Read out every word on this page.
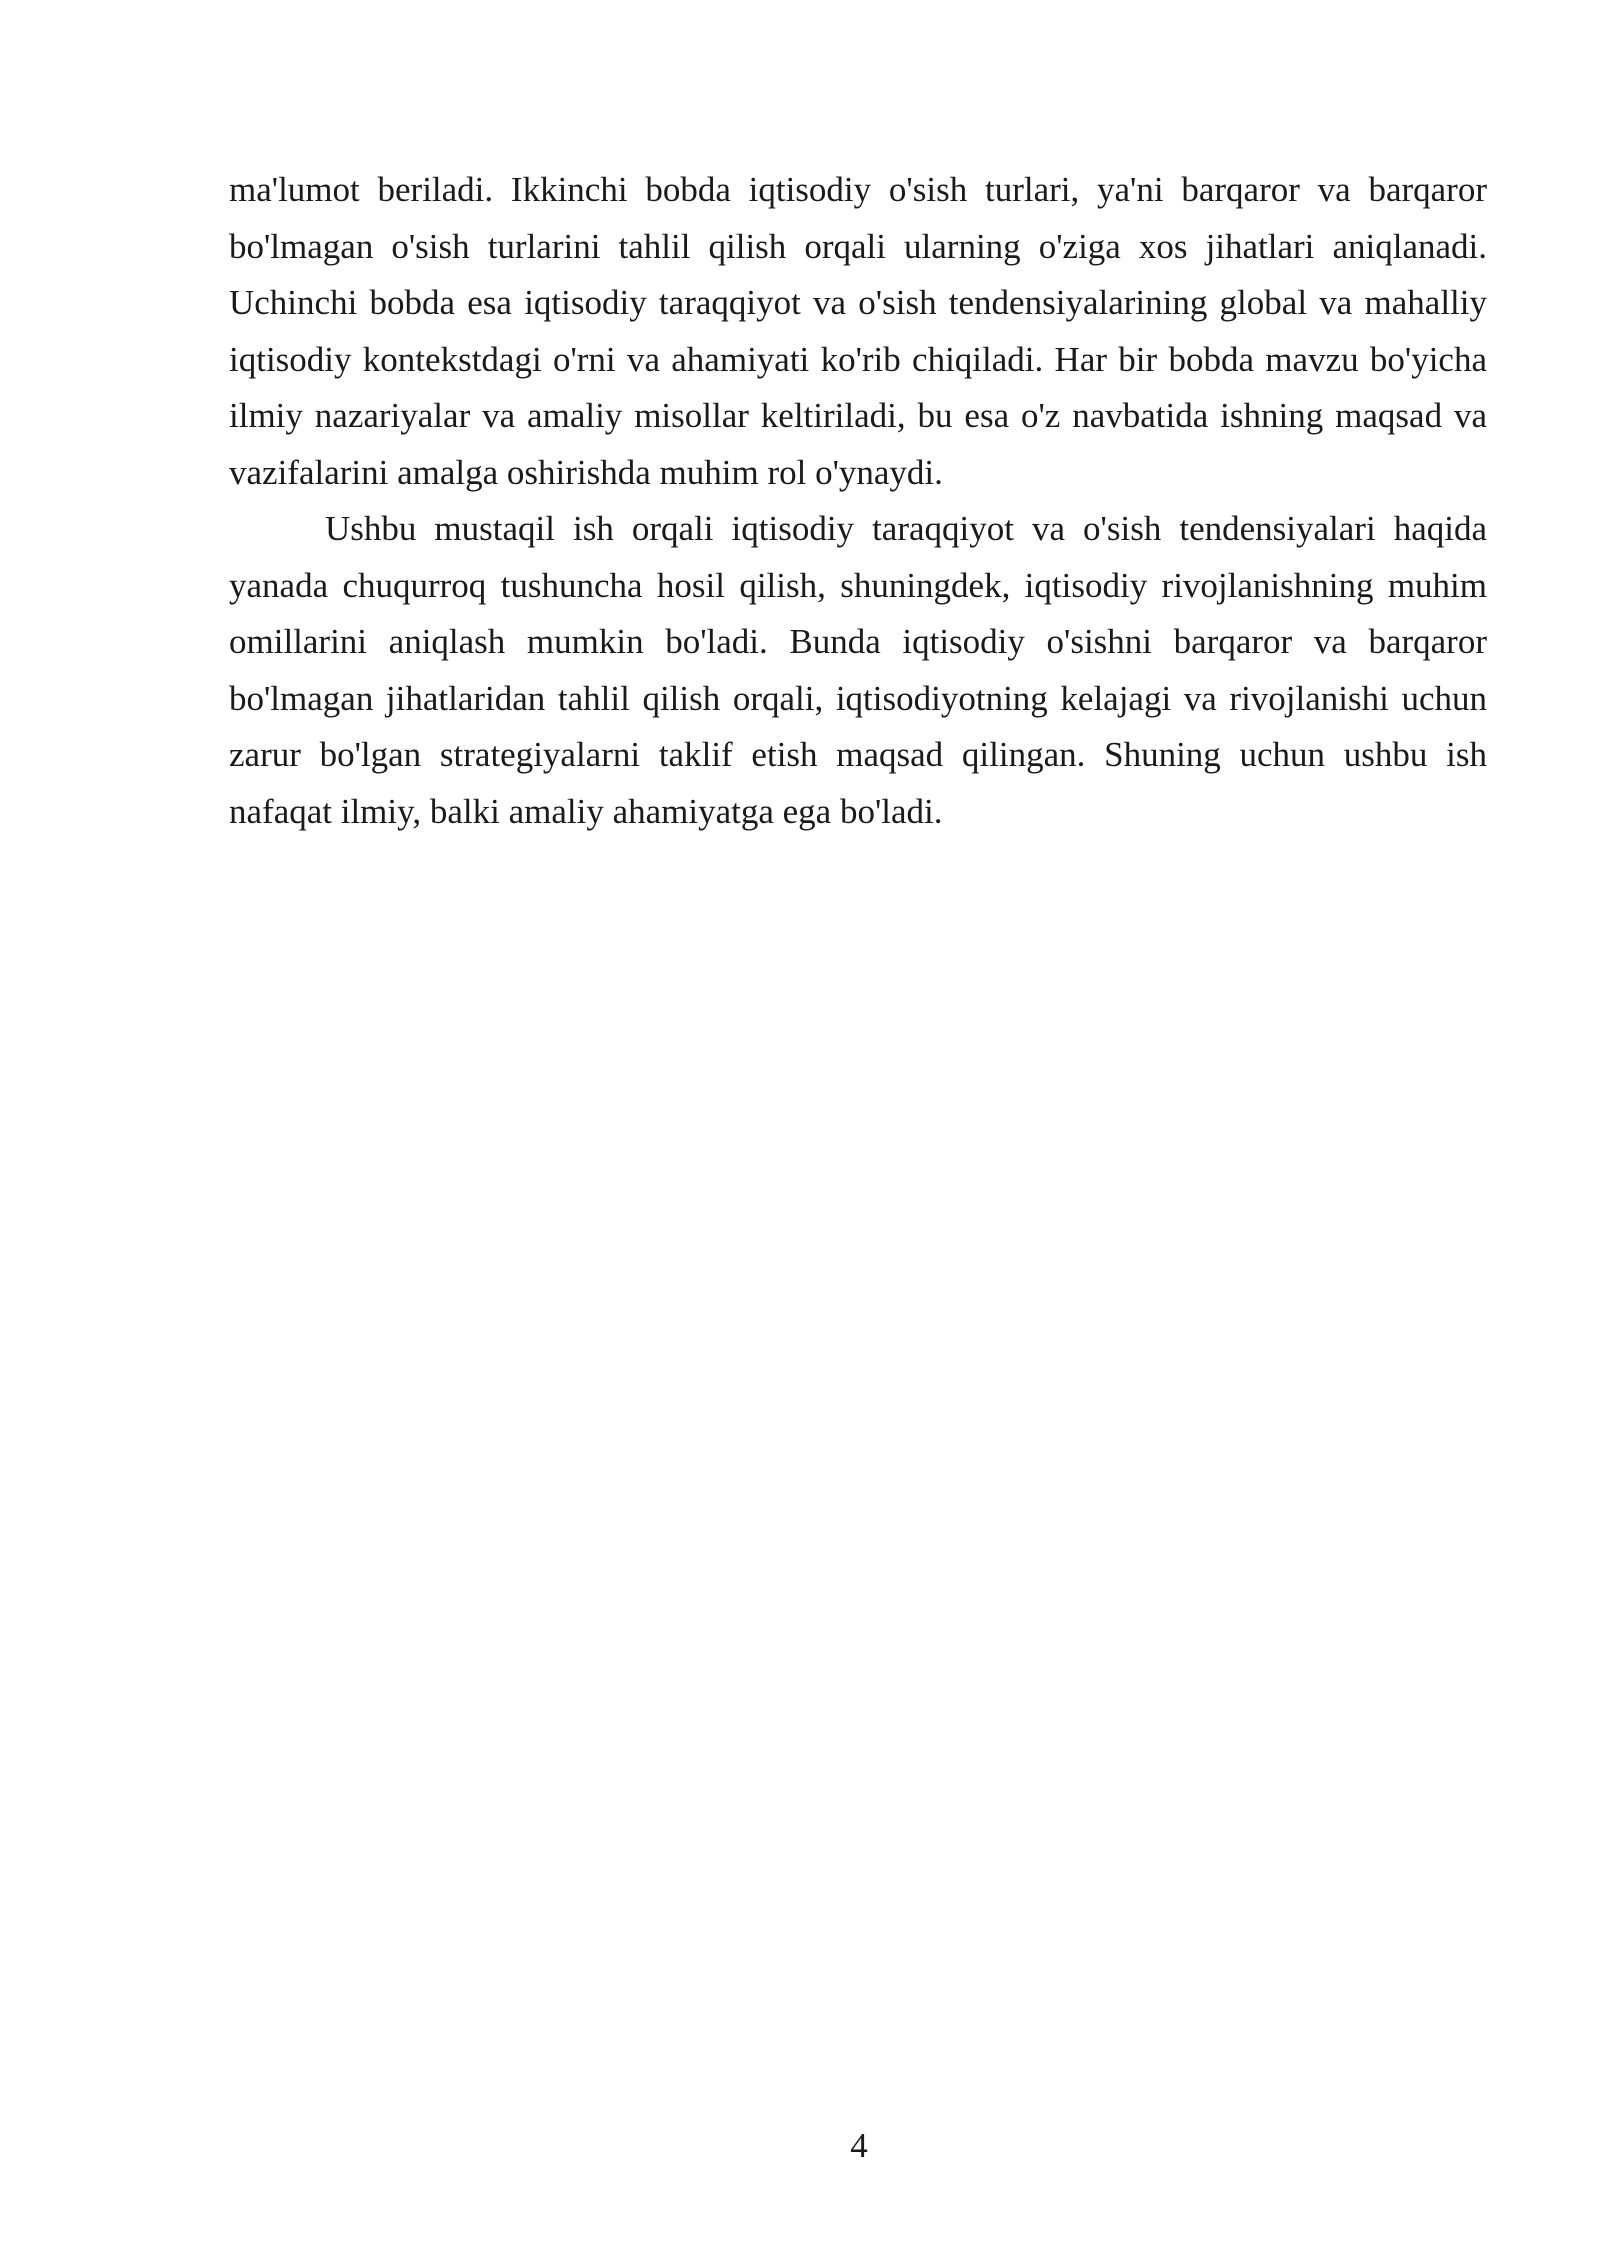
ma'lumot beriladi. Ikkinchi bobda iqtisodiy o'sish turlari, ya'ni barqaror va barqaror bo'lmagan o'sish turlarini tahlil qilish orqali ularning o'ziga xos jihatlari aniqlanadi. Uchinchi bobda esa iqtisodiy taraqqiyot va o'sish tendensiyalarining global va mahalliy iqtisodiy kontekstdagi o'rni va ahamiyati ko'rib chiqiladi. Har bir bobda mavzu bo'yicha ilmiy nazariyalar va amaliy misollar keltiriladi, bu esa o'z navbatida ishning maqsad va vazifalarini amalga oshirishda muhim rol o'ynaydi.

Ushbu mustaqil ish orqali iqtisodiy taraqqiyot va o'sish tendensiyalari haqida yanada chuqurroq tushuncha hosil qilish, shuningdek, iqtisodiy rivojlanishning muhim omillarini aniqlash mumkin bo'ladi. Bunda iqtisodiy o'sishni barqaror va barqaror bo'lmagan jihatlaridan tahlil qilish orqali, iqtisodiyotning kelajagi va rivojlanishi uchun zarur bo'lgan strategiyalarni taklif etish maqsad qilingan. Shuning uchun ushbu ish nafaqat ilmiy, balki amaliy ahamiyatga ega bo'ladi.

4
